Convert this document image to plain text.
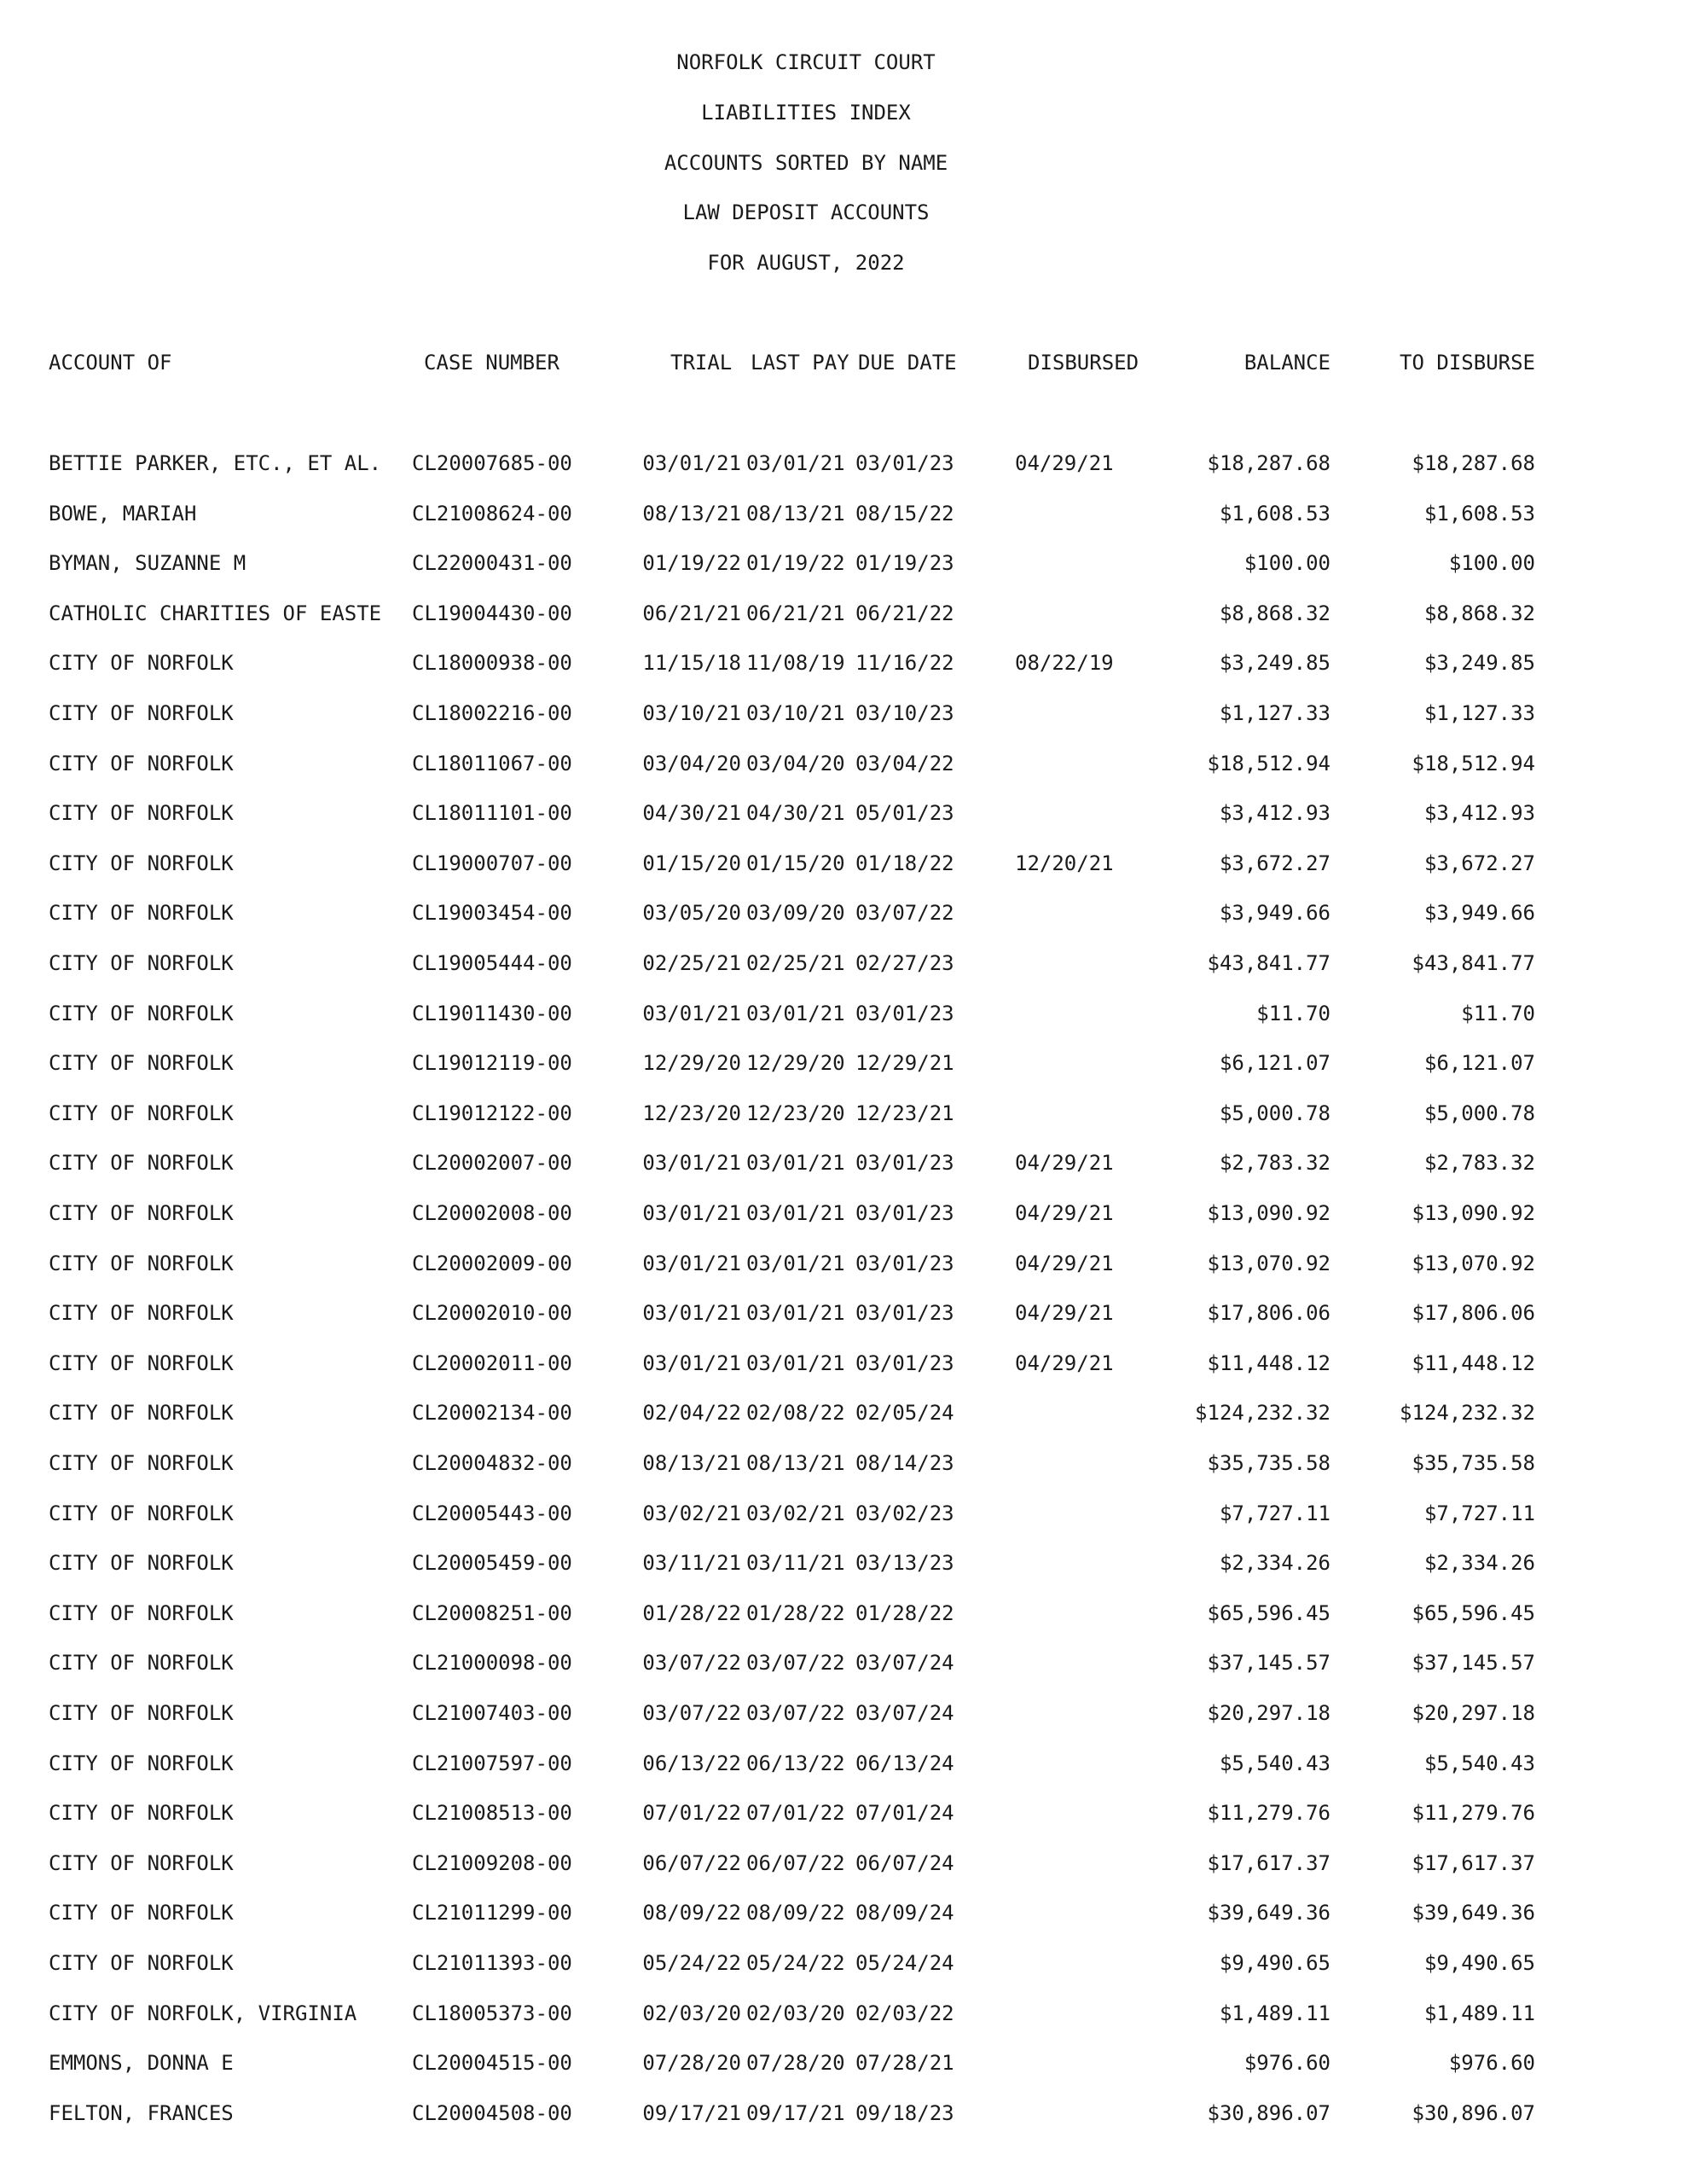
NORFOLK CIRCUIT COURT
LIABILITIES INDEX
ACCOUNTS SORTED BY NAME
LAW DEPOSIT ACCOUNTS
FOR AUGUST, 2022
ACCOUNT OF	CASE NUMBER	TRIAL LAST PAY DUE DATE	DISBURSED	BALANCE	TO DISBURSE
BETTIE PARKER, ETC., ET AL.	CL20007685-00	03/01/21 03/01/21 03/01/23	04/29/21	$18,287.68	$18,287.68
BOWE, MARIAH	CL21008624-00	08/13/21 08/13/21 08/15/22	$1,608.53	$1,608.53
BYMAN, SUZANNE M	CL22000431-00	01/19/22 01/19/22 01/19/23	$100.00	$100.00
CATHOLIC CHARITIES OF EASTE	CL19004430-00	06/21/21 06/21/21 06/21/22	$8,868.32	$8,868.32
CITY OF NORFOLK	CL18000938-00	11/15/18 11/08/19 11/16/22	08/22/19	$3,249.85	$3,249.85
CITY OF NORFOLK	CL18002216-00	03/10/21 03/10/21 03/10/23	$1,127.33	$1,127.33
CITY OF NORFOLK	CL18011067-00	03/04/20 03/04/20 03/04/22	$18,512.94	$18,512.94
CITY OF NORFOLK	CL18011101-00	04/30/21 04/30/21 05/01/23	$3,412.93	$3,412.93
CITY OF NORFOLK	CL19000707-00	01/15/20 01/15/20 01/18/22	12/20/21	$3,672.27	$3,672.27
CITY OF NORFOLK	CL19003454-00	03/05/20 03/09/20 03/07/22	$3,949.66	$3,949.66
CITY OF NORFOLK	CL19005444-00	02/25/21 02/25/21 02/27/23	$43,841.77	$43,841.77
CITY OF NORFOLK	CL19011430-00	03/01/21 03/01/21 03/01/23	$11.70	$11.70
CITY OF NORFOLK	CL19012119-00	12/29/20 12/29/20 12/29/21	$6,121.07	$6,121.07
CITY OF NORFOLK	CL19012122-00	12/23/20 12/23/20 12/23/21	$5,000.78	$5,000.78
CITY OF NORFOLK	CL20002007-00	03/01/21 03/01/21 03/01/23	04/29/21	$2,783.32	$2,783.32
CITY OF NORFOLK	CL20002008-00	03/01/21 03/01/21 03/01/23	04/29/21	$13,090.92	$13,090.92
CITY OF NORFOLK	CL20002009-00	03/01/21 03/01/21 03/01/23	04/29/21	$13,070.92	$13,070.92
CITY OF NORFOLK	CL20002010-00	03/01/21 03/01/21 03/01/23	04/29/21	$17,806.06	$17,806.06
CITY OF NORFOLK	CL20002011-00	03/01/21 03/01/21 03/01/23	04/29/21	$11,448.12	$11,448.12
CITY OF NORFOLK	CL20002134-00	02/04/22 02/08/22 02/05/24	$124,232.32	$124,232.32
CITY OF NORFOLK	CL20004832-00	08/13/21 08/13/21 08/14/23	$35,735.58	$35,735.58
CITY OF NORFOLK	CL20005443-00	03/02/21 03/02/21 03/02/23	$7,727.11	$7,727.11
CITY OF NORFOLK	CL20005459-00	03/11/21 03/11/21 03/13/23	$2,334.26	$2,334.26
CITY OF NORFOLK	CL20008251-00	01/28/22 01/28/22 01/28/22	$65,596.45	$65,596.45
CITY OF NORFOLK	CL21000098-00	03/07/22 03/07/22 03/07/24	$37,145.57	$37,145.57
CITY OF NORFOLK	CL21007403-00	03/07/22 03/07/22 03/07/24	$20,297.18	$20,297.18
CITY OF NORFOLK	CL21007597-00	06/13/22 06/13/22 06/13/24	$5,540.43	$5,540.43
CITY OF NORFOLK	CL21008513-00	07/01/22 07/01/22 07/01/24	$11,279.76	$11,279.76
CITY OF NORFOLK	CL21009208-00	06/07/22 06/07/22 06/07/24	$17,617.37	$17,617.37
CITY OF NORFOLK	CL21011299-00	08/09/22 08/09/22 08/09/24	$39,649.36	$39,649.36
CITY OF NORFOLK	CL21011393-00	05/24/22 05/24/22 05/24/24	$9,490.65	$9,490.65
CITY OF NORFOLK, VIRGINIA	CL18005373-00	02/03/20 02/03/20 02/03/22	$1,489.11	$1,489.11
EMMONS, DONNA E	CL20004515-00	07/28/20 07/28/20 07/28/21	$976.60	$976.60
FELTON, FRANCES	CL20004508-00	09/17/21 09/17/21 09/18/23	$30,896.07	$30,896.07
